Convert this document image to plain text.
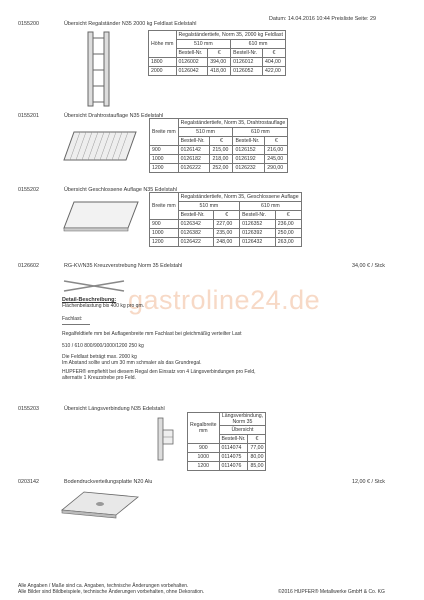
Datum: 14.04.2016 10:44 Preisliste Seite: 29
0155200	Übersicht Regalständer N35 2000 kg Feldlast Edelstahl
Höhe mm	Regalständertiefe, Norm 35, 2000 kg Feldlast			
	510 mm		610 mm	
	Bestell-Nr.	€	Bestell-Nr.	€
1800	0126002	394,00	0126012	404,00
2000	0126042	418,00	0126052	422,00
0155201	Übersicht Drahtrostauflage N35 Edelstahl
Breite mm	Regalständertiefe, Norm 35, Drahtrostauflage			
	510 mm		610 mm	
	Bestell-Nr.	€	Bestell-Nr.	€
900	0126142	215,00	0126152	216,00
1000	0126182	218,00	0126192	245,00
1200	0126222	252,00	0126232	290,00
0155202	Übersicht Geschlossene Auflage N35 Edelstahl
Breite mm	Regalständertiefe, Norm 35, Geschlossene Auflage			
	510 mm		610 mm	
	Bestell-Nr.	€	Bestell-Nr.	€
900	0126342	227,00	0126352	236,00
1000	0126382	235,00	0126392	250,00
1200	0126422	248,00	0126432	263,00
0126602	RG-KV/N35 Kreuzverstrebung Norm 35 Edelstahl	34,00 € / Stck
gastroline24.de
Detail-Beschreibung:
Flächenbelastung bis 400 kg pro qm.
Fachlast:
Regalfeldtiefe mm bei Auflagenbreite mm Fachlast bei gleichmäßig verteilter Last
510 / 610 800/900/1000/1200 250 kg
Die Feldlast beträgt max. 2000 kg
Im Abstand sollte und um 30 mm schmaler als das Grundregal.
HUPFER® empfiehlt bei diesem Regal den Einsatz von 4 Längsverbindungen pro Feld,
alternativ 1 Kreuzstrebe pro Feld.
0155203	Übersicht Längsverbindung N35 Edelstahl
Regalbreite mm	Längsverbindung, Norm 35	
	Übersicht	
	Bestell-Nr.	€
900	0114074	77,00
1000	0114075	80,00
1200	0114076	85,00
0203142	Bodendruckverteilungsplatte N20 Alu	12,00 € / Stck
Alle Angaben / Maße sind ca. Angaben, technische Änderungen vorbehalten.
Alle Bilder sind Bildbeispiele, technische Änderungen vorbehalten, ohne Dekoration.	©2016 HUPFER® Metallwerke GmbH & Co. KG
